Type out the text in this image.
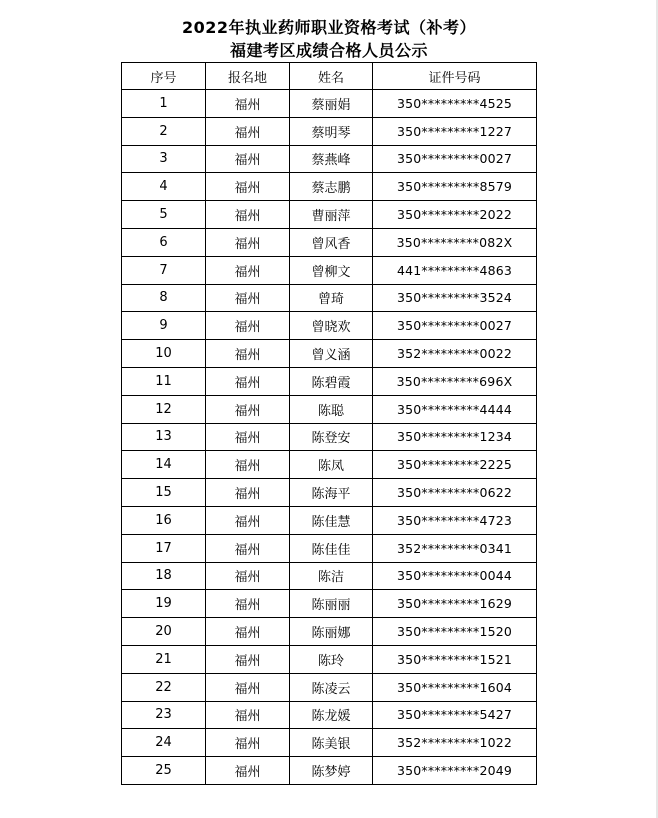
2022年执业药师职业资格考试（补考）
福建考区成绩合格人员公示
序号	报名地	姓名	证件号码
1	福州	蔡丽娟	350*********4525
2	福州	蔡明琴	350*********1227
3	福州	蔡燕峰	350*********0027
4	福州	蔡志鹏	350*********8579
5	福州	曹丽萍	350*********2022
6	福州	曾风香	350*********082X
7	福州	曾柳文	441*********4863
8	福州	曾琦	350*********3524
9	福州	曾晓欢	350*********0027
10	福州	曾义涵	352*********0022
11	福州	陈碧霞	350*********696X
12	福州	陈聪	350*********4444
13	福州	陈登安	350*********1234
14	福州	陈凤	350*********2225
15	福州	陈海平	350*********0622
16	福州	陈佳慧	350*********4723
17	福州	陈佳佳	352*********0341
18	福州	陈洁	350*********0044
19	福州	陈丽丽	350*********1629
20	福州	陈丽娜	350*********1520
21	福州	陈玲	350*********1521
22	福州	陈凌云	350*********1604
23	福州	陈龙媛	350*********5427
24	福州	陈美银	352*********1022
25	福州	陈梦婷	350*********2049
